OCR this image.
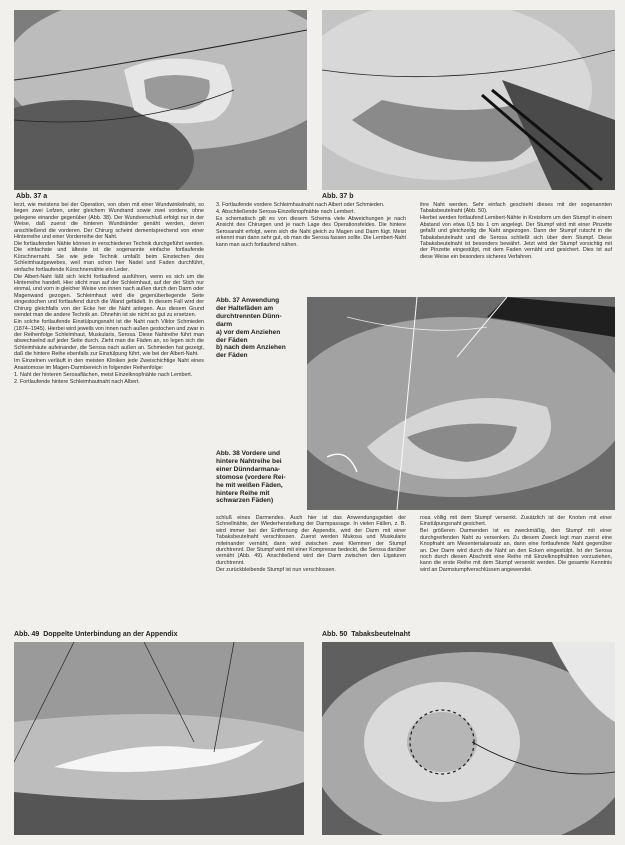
Abb. 37 a	Abb. 37 b

lerzt, wie meistens bei der Operation, von oben mit einer Wundwinkelnaht, so liegen zwei Lefzen, unter gleichem Wundrand sowie zwei vordere, ohne gelegene einander gegenüber (Abb. 38). Der Wundverschluß erfolgt nur in der Weise, daß zuerst die hinteren Wundränder genäht werden, deren anschließend die vorderen. Der Chirurg scheint dementsprechend von einer Hinterreihe und einer Vorderreihe der Naht.

Die fortlaufenden Nähte können in verschiedener Technik durchgeführt werden. Die einfachste und älteste ist die sogenannte einfache fortlaufende Kürschnernaht. Sie wie jede Technik umfaßt beim Einstechen des Schleimhautgewebes, weil man schon hier Nadel und Faden durchführt, einfache fortlaufende Kürschnernähte ein Leder.

Die Albert-Naht läßt sich leicht fortlaufend ausführen, wenn es sich um die Hinterreihe handelt. Hier sticht man auf der Schleimhaut, auf der der Stich nur einmal, und vorn in gleicher Weise von innen nach außen durch den Darm oder Magenwand gezogen. Schleimhaut wird die gegenüberliegende Seite eingestochen und fortlaufend durch die Wand gefädelt. In diesem Fall wird der Chirurg gleichfalls von der Ecke her die Naht anlegen. Aus diesem Grund wendet man die andere Technik an. Ohnehin ist sie nicht so gut zu ersetzen.

Ein solche fortlaufende Einstülpungsnaht ist die Naht nach Viktor Schmieden (1874–1945). Hierbei wird jeweils von innen nach außen gestochen und zwar in der Reihenfolge Schleimhaut, Muskularis, Serosa. Diese Nahtreihe führt man abwechselnd auf jeder Seite durch. Zieht man die Fäden an, so legen sich die Schleimhäute aufeinander, die Serosa nach außen an. Schmieden hat gezeigt, daß die hintere Reihe ebenfalls zur Einstülpung führt, wie bei der Albert-Naht.

Im Einzelnen verläuft in den meisten Kliniken jede Zweischichtige Naht eines Anastomose im Magen-Darmbereich in folgender Reihenfolge:

1. Naht der hinteren Serosaflächen, meist Einzelknopfnähte nach Lembert.

2. Fortlaufende hintere Schleimhautnaht nach Albert.

3. Fortlaufende vordere Schleimhautnaht nach Albert oder Schmieden.

4. Abschließende Serosa-Einzelknopfnähte nach Lembert.

Es schematisch gilt es von diesem Schema viele Abweichungen je nach Ansicht des Chirurgen und je nach Lage des Operationsfeldes. Die hintere Serosanaht erfolgt, wenn sich die Naht gleich zu Magen und Darm fügt. Meist erkennt man dann sehr gut, ob man die Serosa fassen sollte. Die Lembert-Naht kann man auch fortlaufend nähen.

Abb. 37 Anwendung

der Haltefäden am

durchtrennten Dünn-

darm

a) vor dem Anziehen

der Fäden

b) nach dem Anziehen

der Fäden

Abb. 38 Vordere und

hintere Nahtreihe bei

einer Dünndarmana-

stomose (vordere Rei-

he mit weißen Fäden,

hintere Reihe mit

schwarzen Fäden)

ihre Naht werden. Sehr einfach geschieht dieses mit der sogenannten Tabaksbeutelnaht (Abb. 50).

Hierbei werden fortlaufend Lembert-Nähte in Kreisform um den Stumpf in einem Abstand von etwa 0,5 bis 1 cm angelegt. Der Stumpf wird mit einer Pinzette gefaßt und gleichzeitig die Naht angezogen. Dann der Stumpf rutscht in die Tabaksbeutelnaht und die Serosa schließt sich über dem Stumpf. Diese Tabaksbeutelnaht ist besonders bewährt. Jetzt wird der Stumpf vorsichtig mit der Pinzette eingestülpt, mit dem Faden vernäht und gesichert. Dies ist auf diese Weise ein besonders sicheres Verfahren.

schluß eines Darmendes. Auch hier ist das Anwendungsgebiet der Schnellnähte, der Wiederherstellung der Darmpassage. In vielen Fällen, z. B. wird immer bei der Entfernung der Appendix, wird der Darm mit einer Tabaksbeutelnaht verschlossen. Zuerst werden Mukosa und Muskularis miteinander vernäht, dann wird zwischen zwei Klemmen der Stumpf durchtrennt. Der Stumpf wird mit einer Kompresse bedeckt, die Serosa darüber vernäht (Abb. 49). Anschließend wird der Darm zwischen den Ligaturen durchtrennt.

Der zurückbleibende Stumpf ist nun verschlossen.

rosa völlig mit dem Stumpf versenkt. Zusätzlich ist der Knoten mit einer Einstülpungsnaht gesichert.

Bei größeren Darmenden ist es zweckmäßig, den Stumpf mit einer durchgreifenden Naht zu versenken. Zu diesem Zweck legt man zuerst eine Knopfnaht am Mesenterialansatz an, dann eine fortlaufende Naht gegenüber an. Der Darm wird durch die Naht an den Ecken eingestülpt. Ist der Serosa noch durch diesen Abschnitt eine Reihe mit Einzelknopfnähten vorzuziehen, kann die erste Reihe mit dem Stumpf versenkt werden. Die gesamte Kenntnis wird an Darmstumpfverschlüssen angewendet.

Abb. 49 Doppelte Unterbindung an der Appendix	Abb. 50 Tabaksbeutelnaht
